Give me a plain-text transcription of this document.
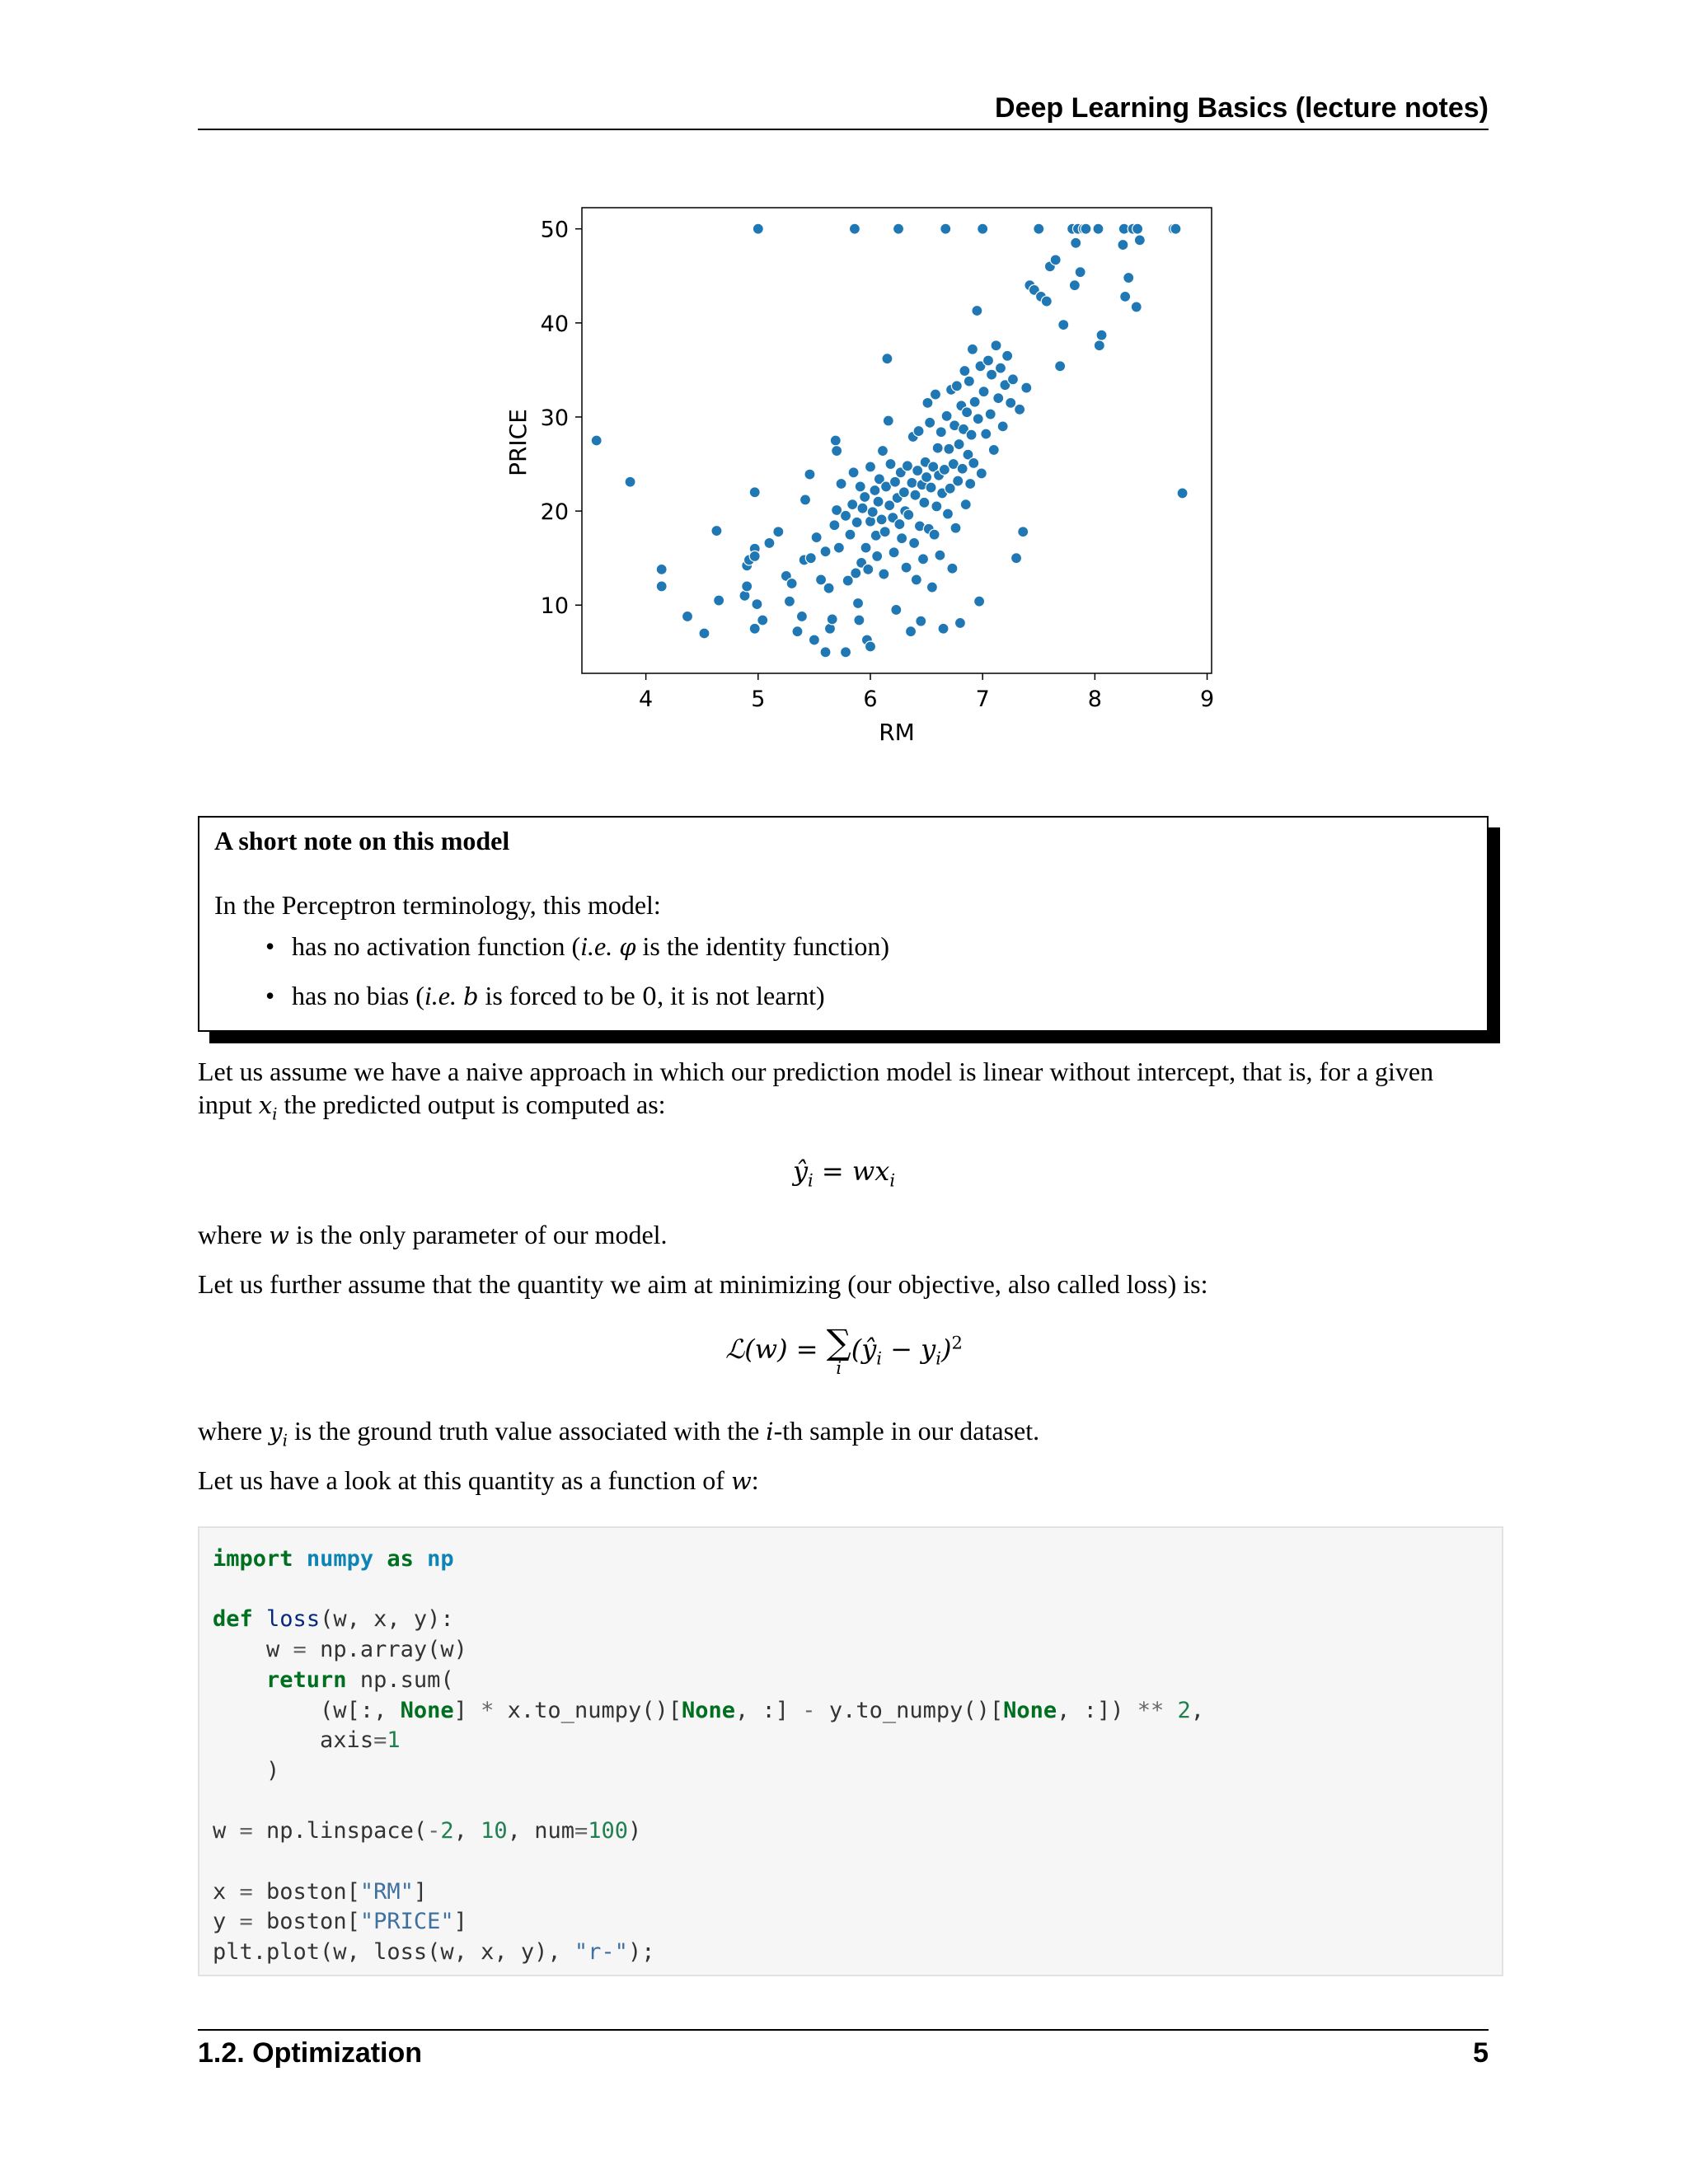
Deep Learning Basics (lecture notes)
4	5	6	7	8	9
10
20
30
40
50
RM
PRICE
A short note on this model
In the Perceptron terminology, this model:
• has no activation function (i.e. φ is the identity function)
• has no bias (i.e. b is forced to be 0, it is not learnt)
Let us assume we have a naive approach in which our prediction model is linear without intercept, that is, for a given input $x_i$ the predicted output is computed as:
$ŷ_i = wx_i$
where w is the only parameter of our model.
Let us further assume that the quantity we aim at minimizing (our objective, also called loss) is:
ℒ(w) = ∑
i
$(ŷ_i - y_i)^2$
where $y_i$ is the ground truth value associated with the i-th sample in our dataset.
Let us have a look at this quantity as a function of w:
import numpy as np

def loss(w, x, y):
w = np.array(w)
return np.sum(
(w[:, None] * x.to_numpy()[None, :] - y.to_numpy()[None, :]) ** 2,
axis=1
)

w = np.linspace(-2, 10, num=100)

x = boston["RM"]
y = boston["PRICE"]
plt.plot(w, loss(w, x, y), "r-");
1.2. Optimization	5
